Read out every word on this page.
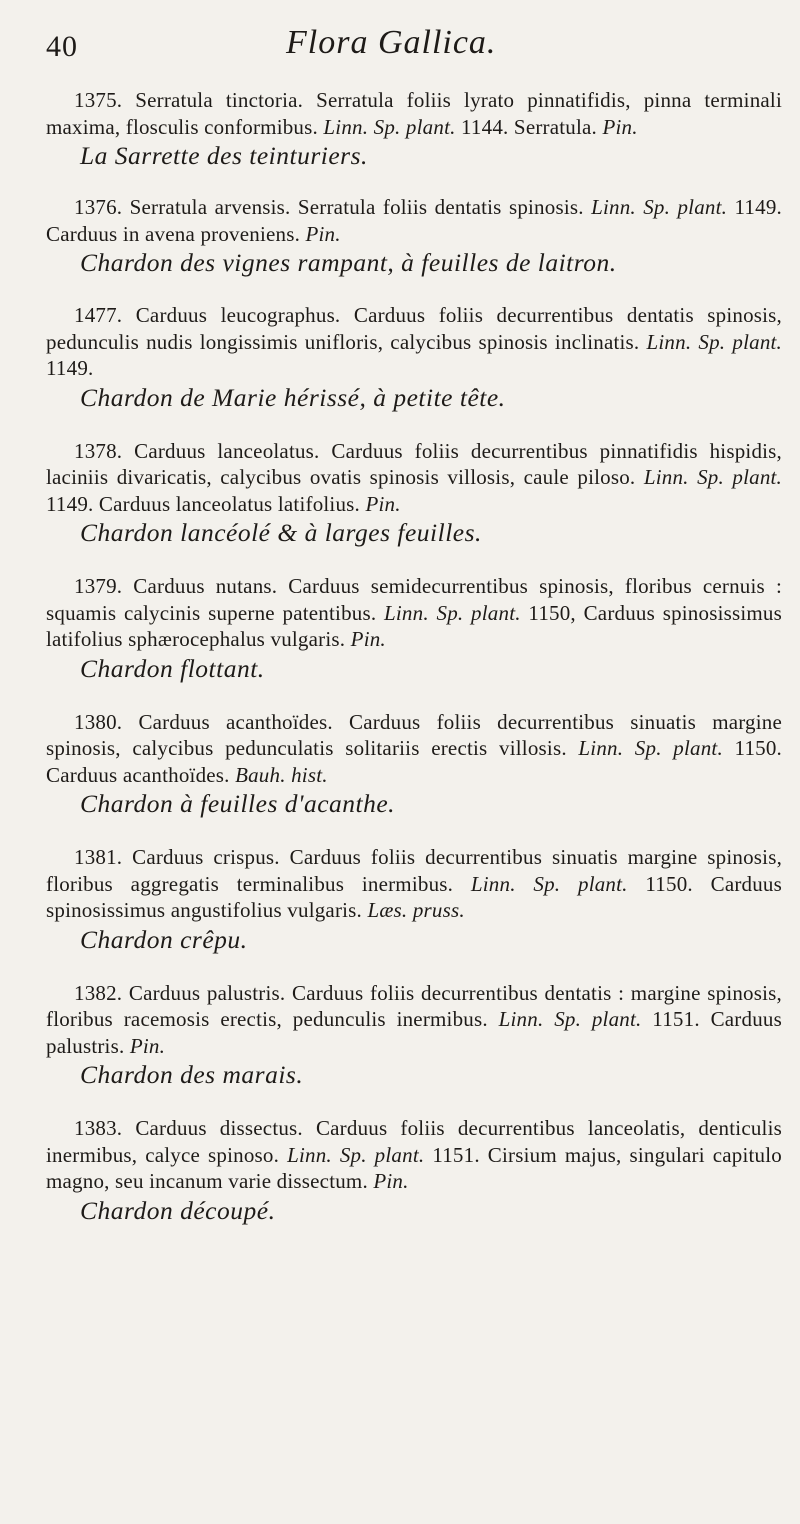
40	Flora Gallica.
1375. Serratula tinctoria. Serratula foliis lyrato pinnatifidis, pinna terminali maxima, flosculis conformibus. Linn. Sp. plant. 1144. Serratula. Pin.
La Sarrette des teinturiers.
1376. Serratula arvensis. Serratula foliis dentatis spinosis. Linn. Sp. plant. 1149. Carduus in avena proveniens. Pin.
Chardon des vignes rampant, à feuilles de laitron.
1477. Carduus leucographus. Carduus foliis decurrentibus dentatis spinosis, pedunculis nudis longissimis unifloris, calycibus spinosis inclinatis. Linn. Sp. plant. 1149.
Chardon de Marie hérissé, à petite tête.
1378. Carduus lanceolatus. Carduus foliis decurrentibus pinnatifidis hispidis, laciniis divaricatis, calycibus ovatis spinosis villosis, caule piloso. Linn. Sp. plant. 1149. Carduus lanceolatus latifolius. Pin.
Chardon lancéolé & à larges feuilles.
1379. Carduus nutans. Carduus semidecurrentibus spinosis, floribus cernuis : squamis calycinis superne patentibus. Linn. Sp. plant. 1150, Carduus spinosissimus latifolius sphærocephalus vulgaris. Pin.
Chardon flottant.
1380. Carduus acanthoïdes. Carduus foliis decurrentibus sinuatis margine spinosis, calycibus pedunculatis solitariis erectis villosis. Linn. Sp. plant. 1150. Carduus acanthoïdes. Bauh. hist.
Chardon à feuilles d'acanthe.
1381. Carduus crispus. Carduus foliis decurrentibus sinuatis margine spinosis, floribus aggregatis terminalibus inermibus. Linn. Sp. plant. 1150. Carduus spinosissimus angustifolius vulgaris. Læs. pruss.
Chardon crêpu.
1382. Carduus palustris. Carduus foliis decurrentibus dentatis : margine spinosis, floribus racemosis erectis, pedunculis inermibus. Linn. Sp. plant. 1151. Carduus palustris. Pin.
Chardon des marais.
1383. Carduus dissectus. Carduus foliis decurrentibus lanceolatis, denticulis inermibus, calyce spinoso. Linn. Sp. plant. 1151. Cirsium majus, singulari capitulo magno, seu incanum varie dissectum. Pin.
Chardon découpé.
